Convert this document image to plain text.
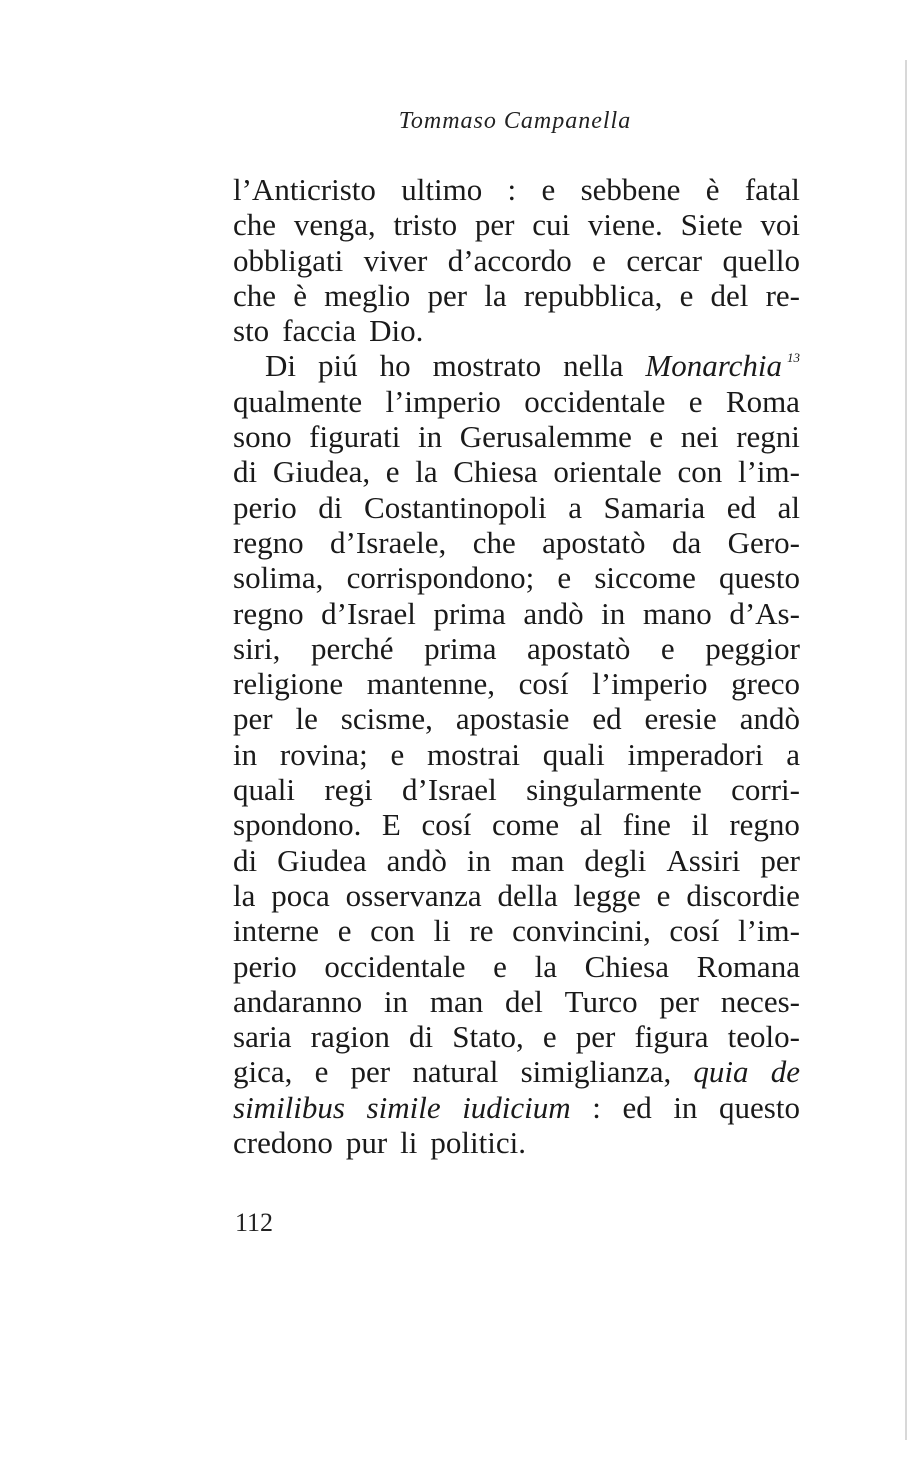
Tommaso Campanella
l’Anticristo ultimo : e sebbene è fatal
che venga, tristo per cui viene. Siete voi
obbligati viver d’accordo e cercar quello
che è meglio per la repubblica, e del re-
sto faccia Dio.
Di piú ho mostrato nella Monarchia $^{13}$
qualmente l’imperio occidentale e Roma
sono figurati in Gerusalemme e nei regni
di Giudea, e la Chiesa orientale con l’im-
perio di Costantinopoli a Samaria ed al
regno d’Israele, che apostatò da Gero-
solima, corrispondono; e siccome questo
regno d’Israel prima andò in mano d’As-
siri, perché prima apostatò e peggior
religione mantenne, cosí l’imperio greco
per le scisme, apostasie ed eresie andò
in rovina; e mostrai quali imperadori a
quali regi d’Israel singularmente corri-
spondono. E cosí come al fine il regno
di Giudea andò in man degli Assiri per
la poca osservanza della legge e discordie
interne e con li re convincini, cosí l’im-
perio occidentale e la Chiesa Romana
andaranno in man del Turco per neces-
saria ragion di Stato, e per figura teolo-
gica, e per natural simiglianza, quia de
similibus simile iudicium : ed in questo
credono pur li politici.
112
